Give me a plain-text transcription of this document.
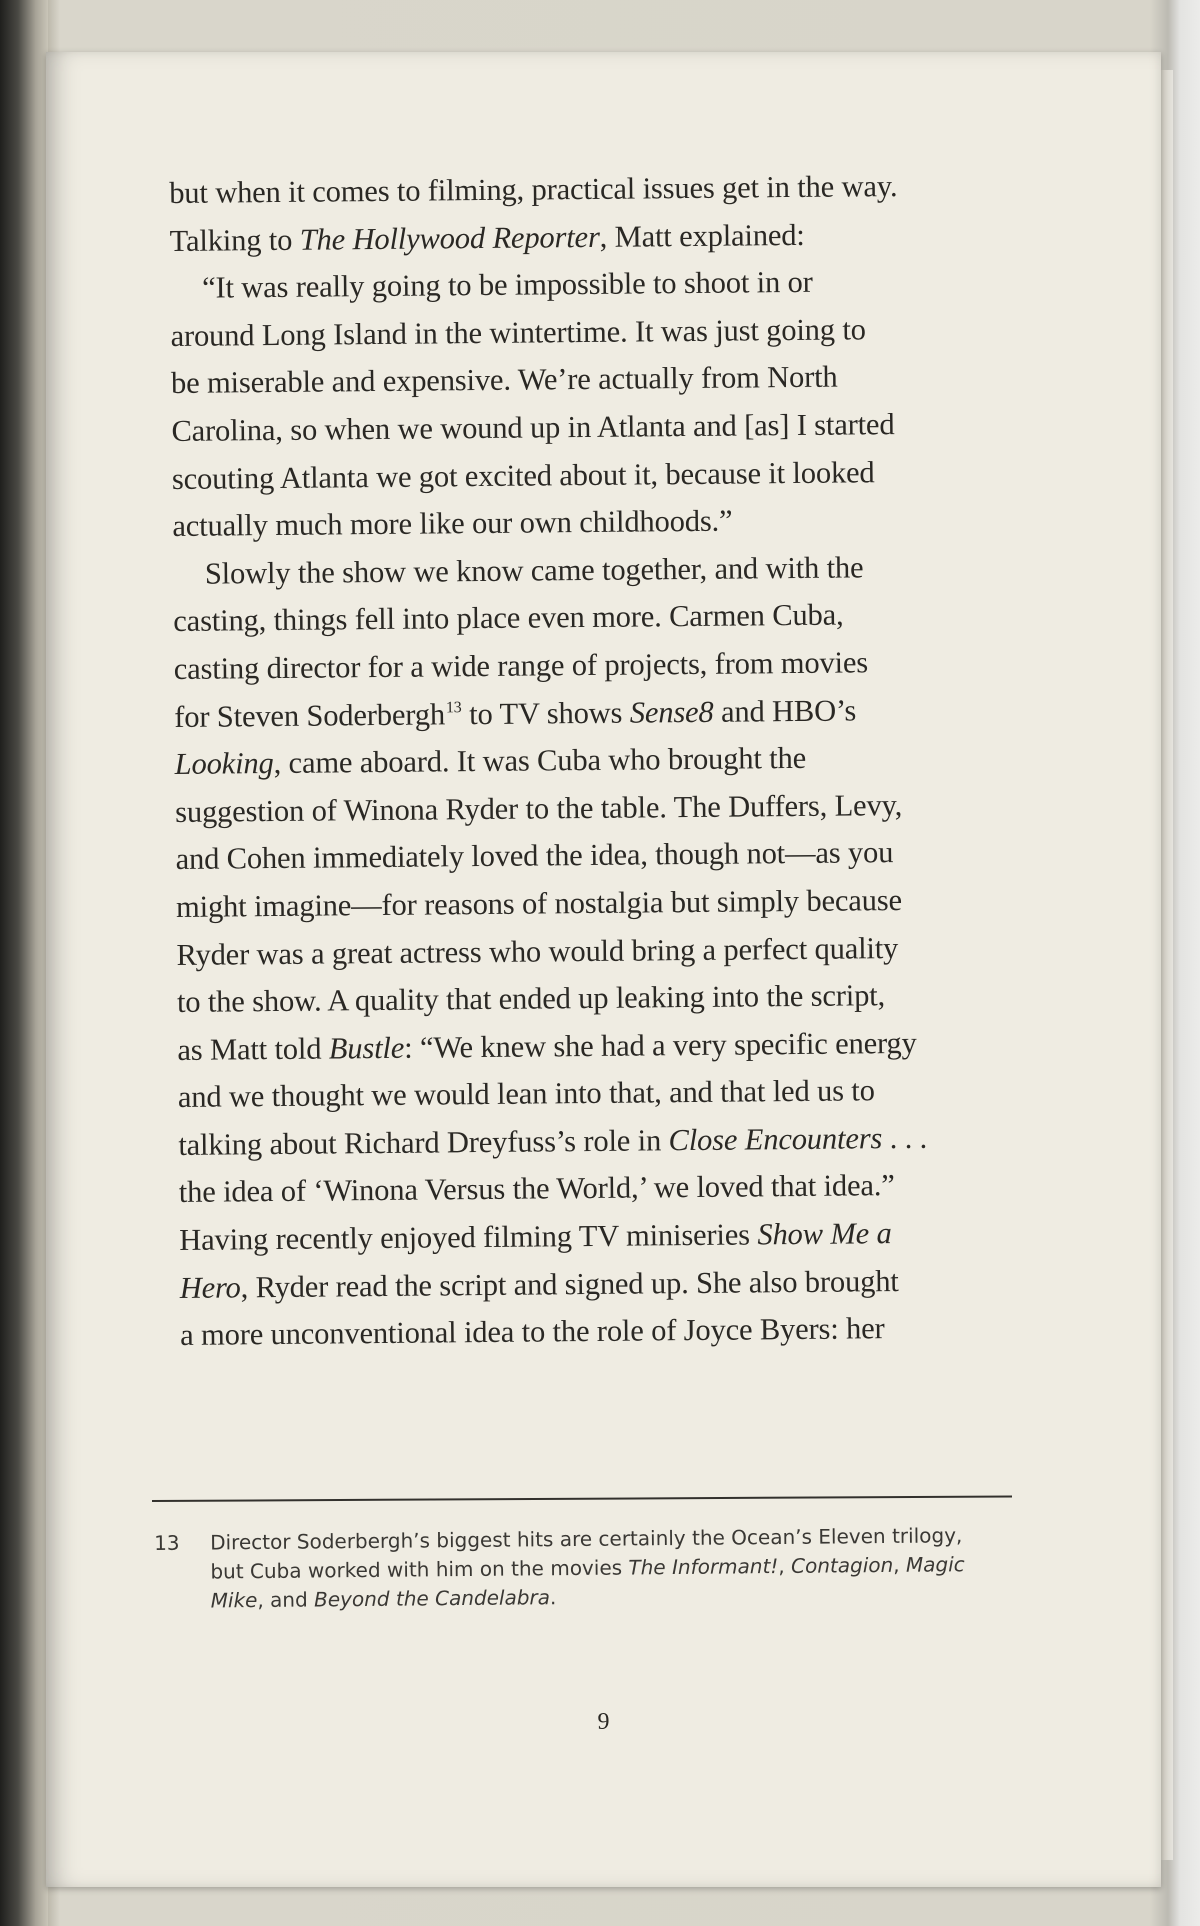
but when it comes to filming, practical issues get in the way.
Talking to The Hollywood Reporter, Matt explained:
“It was really going to be impossible to shoot in or
around Long Island in the wintertime. It was just going to
be miserable and expensive. We’re actually from North
Carolina, so when we wound up in Atlanta and [as] I started
scouting Atlanta we got excited about it, because it looked
actually much more like our own childhoods.”
Slowly the show we know came together, and with the
casting, things fell into place even more. Carmen Cuba,
casting director for a wide range of projects, from movies
for Steven Soderbergh$^{13}$ to TV shows Sense8 and HBO’s
Looking, came aboard. It was Cuba who brought the
suggestion of Winona Ryder to the table. The Duffers, Levy,
and Cohen immediately loved the idea, though not—as you
might imagine—for reasons of nostalgia but simply because
Ryder was a great actress who would bring a perfect quality
to the show. A quality that ended up leaking into the script,
as Matt told Bustle: “We knew she had a very specific energy
and we thought we would lean into that, and that led us to
talking about Richard Dreyfuss’s role in Close Encounters . . .
the idea of ‘Winona Versus the World,’ we loved that idea.”
Having recently enjoyed filming TV miniseries Show Me a
Hero, Ryder read the script and signed up. She also brought
a more unconventional idea to the role of Joyce Byers: her
13	Director Soderbergh’s biggest hits are certainly the Ocean’s Eleven trilogy,
but Cuba worked with him on the movies The Informant!, Contagion, Magic
Mike, and Beyond the Candelabra.
9
